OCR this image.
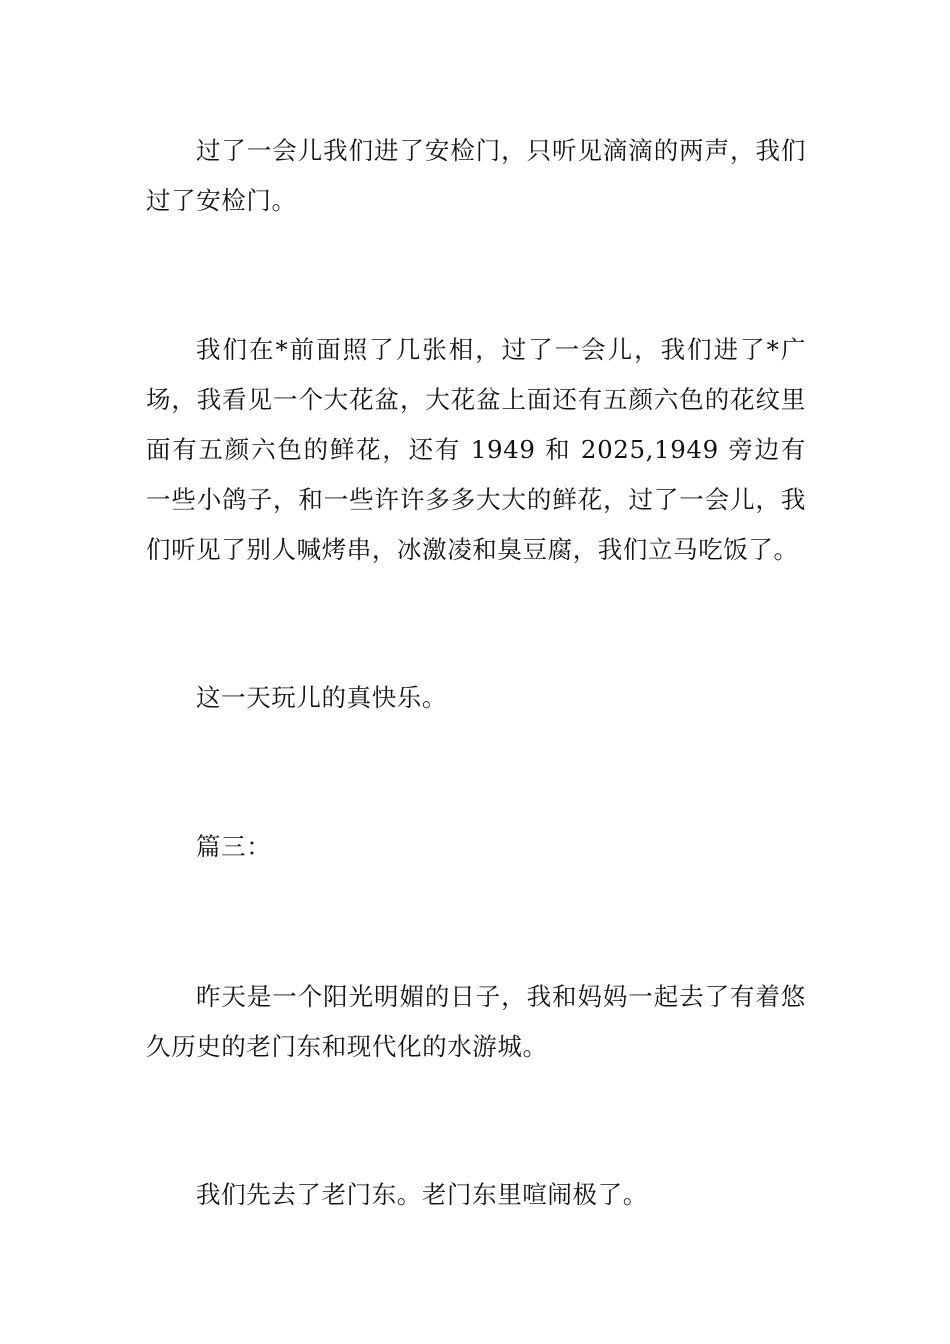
过了一会儿我们进了安检门，只听见滴滴的两声，我们过了安检门。

我们在*前面照了几张相，过了一会儿，我们进了*广场，我看见一个大花盆，大花盆上面还有五颜六色的花纹里面有五颜六色的鲜花，还有 1949 和 2025,1949 旁边有一些小鸽子，和一些许许多多大大的鲜花，过了一会儿，我们听见了别人喊烤串，冰激凌和臭豆腐，我们立马吃饭了。

这一天玩儿的真快乐。

篇三：

昨天是一个阳光明媚的日子，我和妈妈一起去了有着悠久历史的老门东和现代化的水游城。

我们先去了老门东。老门东里喧闹极了。
